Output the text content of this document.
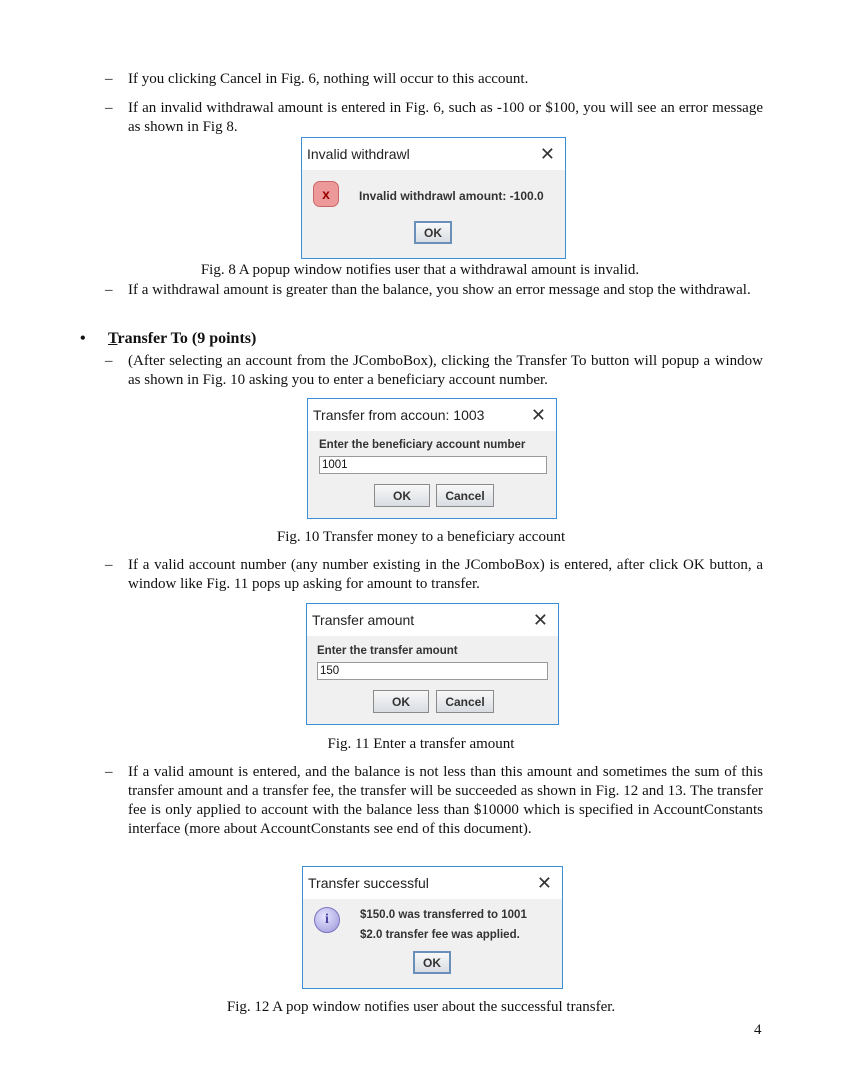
– If you clicking Cancel in Fig. 6, nothing will occur to this account.
– If an invalid withdrawal amount is entered in Fig. 6, such as -100 or $100, you will see an error message as shown in Fig 8.
Invalid withdrawl	✕
x	Invalid withdrawl amount: -100.0
OK
Fig. 8 A popup window notifies user that a withdrawal amount is invalid.
– If a withdrawal amount is greater than the balance, you show an error message and stop the withdrawal.
• Transfer To (9 points)
– (After selecting an account from the JComboBox), clicking the Transfer To button will popup a window as shown in Fig. 10 asking you to enter a beneficiary account number.
Transfer from accoun: 1003	✕
Enter the beneficiary account number
1001
OK	Cancel
Fig. 10 Transfer money to a beneficiary account
– If a valid account number (any number existing in the JComboBox) is entered, after click OK button, a window like Fig. 11 pops up asking for amount to transfer.
Transfer amount	✕
Enter the transfer amount
150
OK	Cancel
Fig. 11 Enter a transfer amount
– If a valid amount is entered, and the balance is not less than this amount and sometimes the sum of this transfer amount and a transfer fee, the transfer will be succeeded as shown in Fig. 12 and 13. The transfer fee is only applied to account with the balance less than $10000 which is specified in AccountConstants interface (more about AccountConstants see end of this document).
Transfer successful	✕
i	$150.0 was transferred to 1001
$2.0 transfer fee was applied.
OK
Fig. 12 A pop window notifies user about the successful transfer.
4
